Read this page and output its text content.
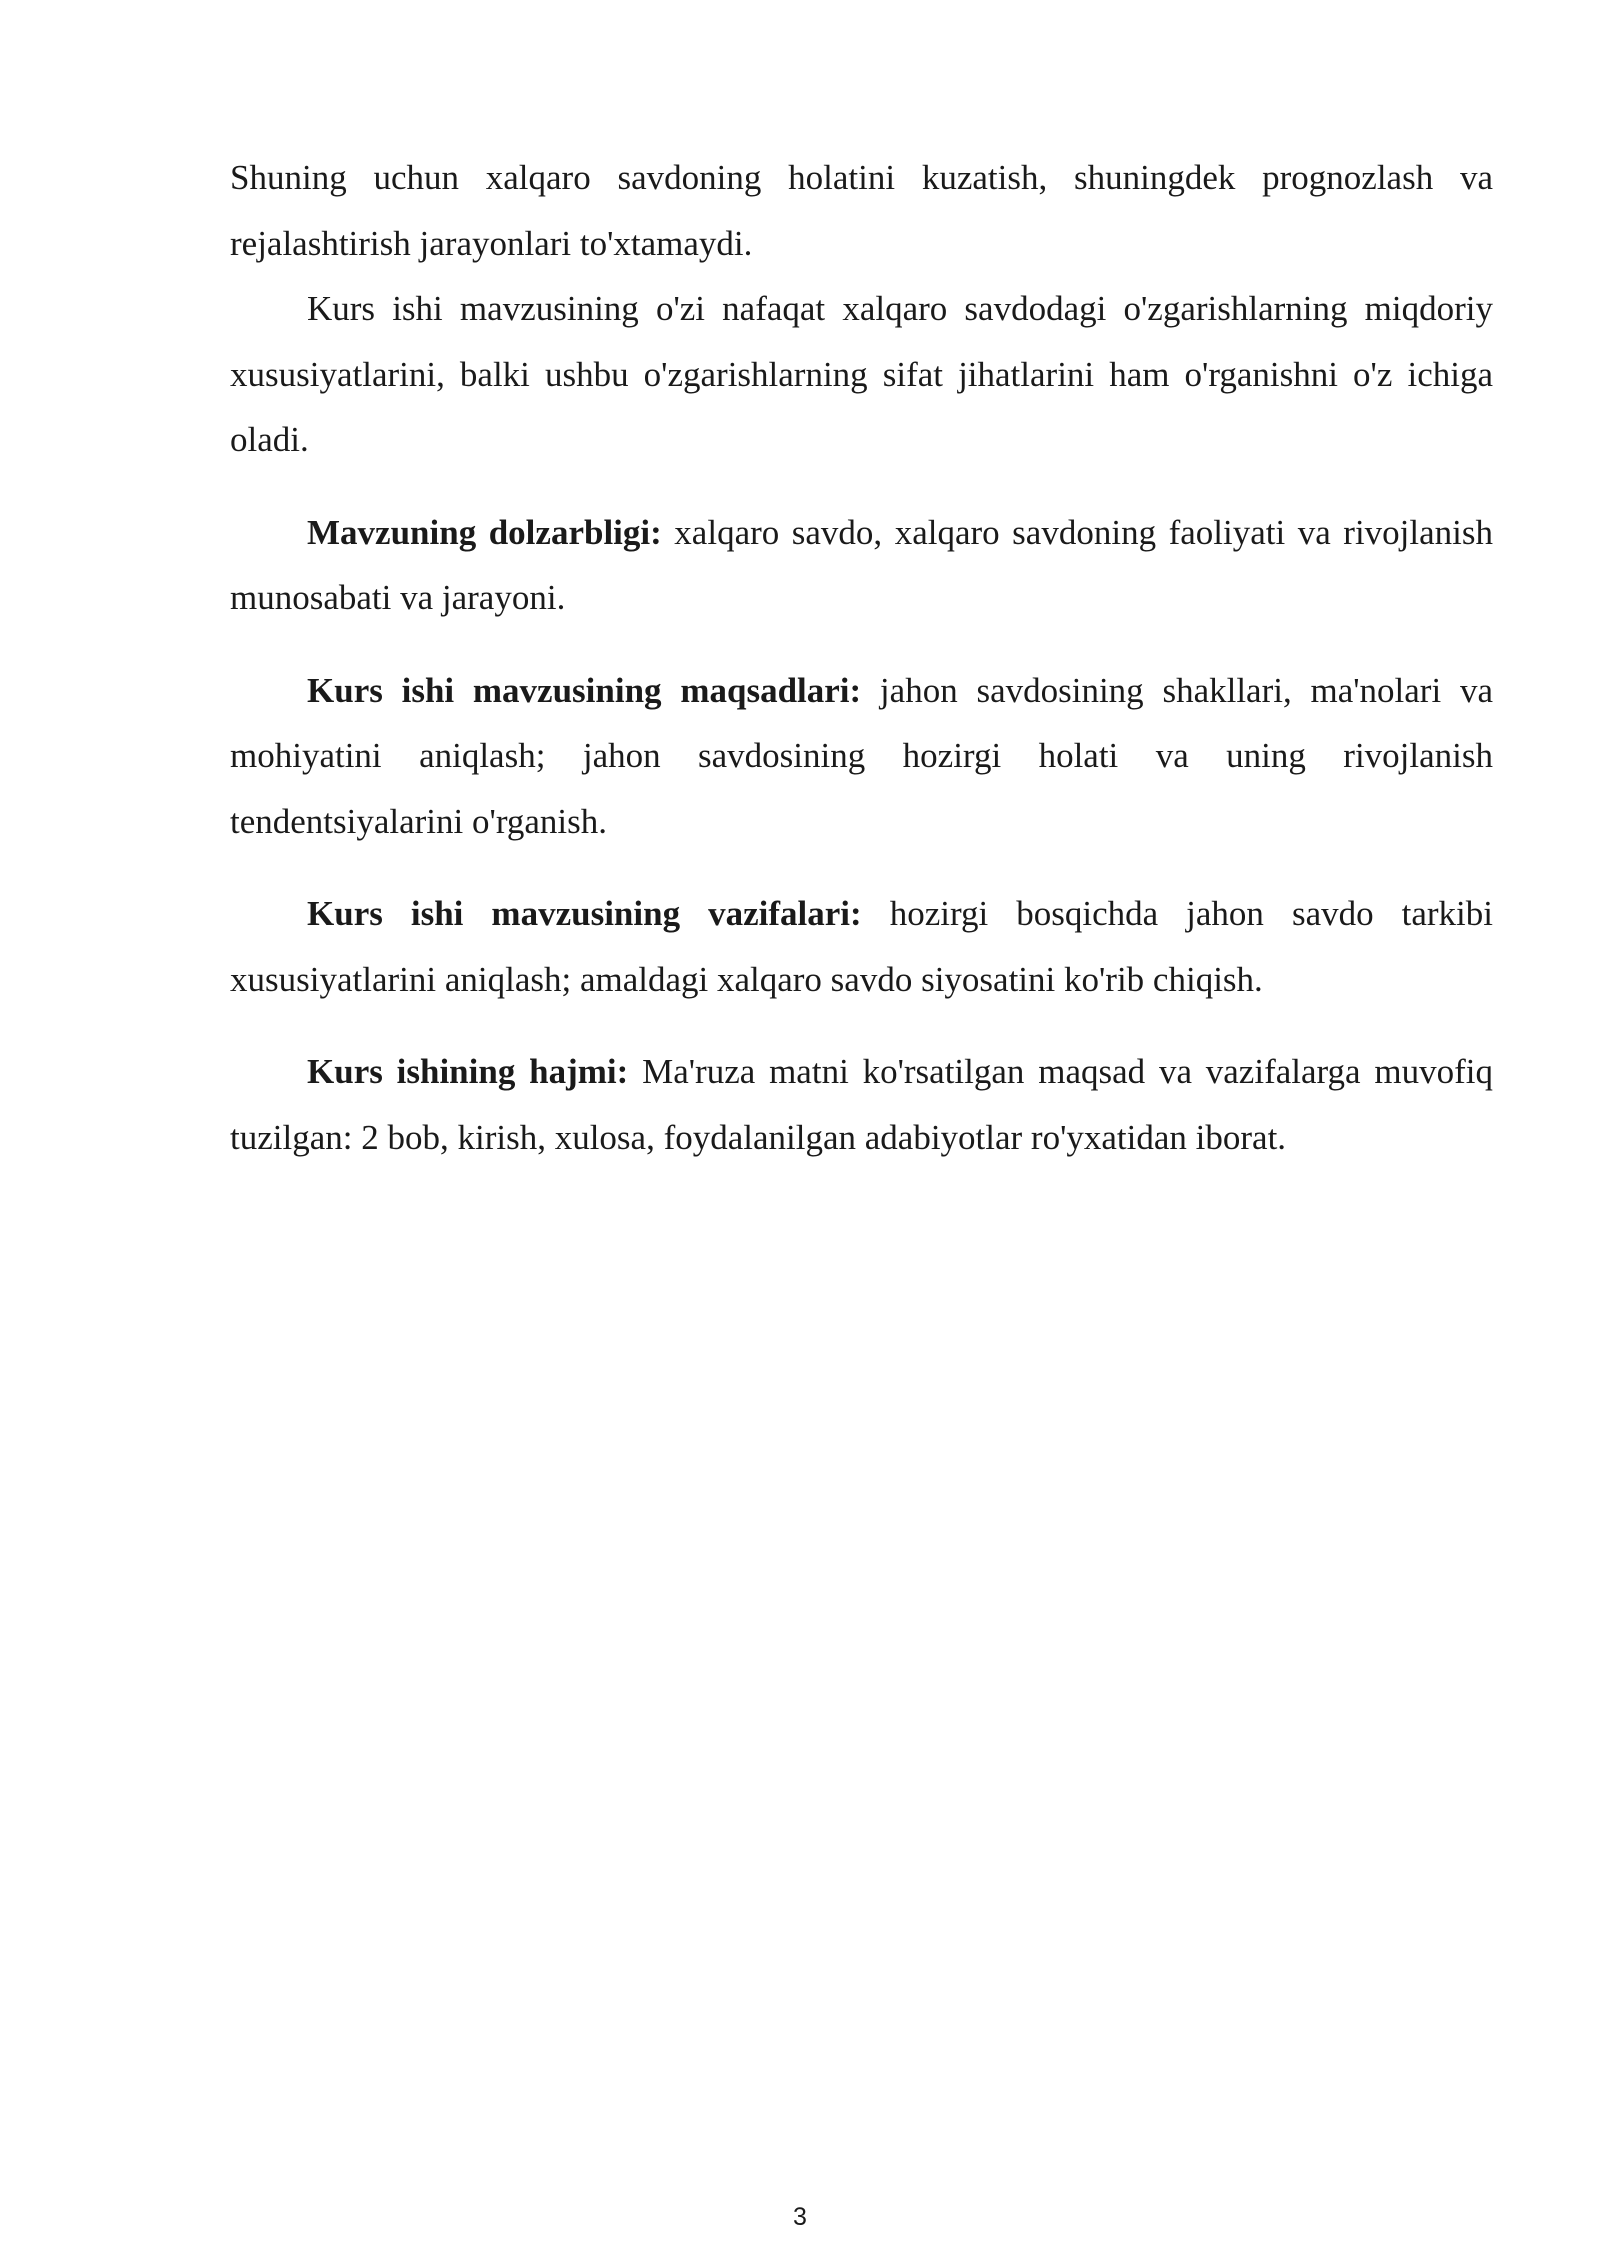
Shuning uchun xalqaro savdoning holatini kuzatish, shuningdek prognozlash va rejalashtirish jarayonlari to'xtamaydi.

Kurs ishi mavzusining o'zi nafaqat xalqaro savdodagi o'zgarishlarning miqdoriy xususiyatlarini, balki ushbu o'zgarishlarning sifat jihatlarini ham o'rganishni o'z ichiga oladi.

Mavzuning dolzarbligi: xalqaro savdo, xalqaro savdoning faoliyati va rivojlanish munosabati va jarayoni.

Kurs ishi mavzusining maqsadlari: jahon savdosining shakllari, ma'nolari va mohiyatini aniqlash; jahon savdosining hozirgi holati va uning rivojlanish tendentsiyalarini o'rganish.

Kurs ishi mavzusining vazifalari: hozirgi bosqichda jahon savdo tarkibi xususiyatlarini aniqlash; amaldagi xalqaro savdo siyosatini ko'rib chiqish.

Kurs ishining hajmi: Ma'ruza matni ko'rsatilgan maqsad va vazifalarga muvofiq tuzilgan: 2 bob, kirish, xulosa, foydalanilgan adabiyotlar ro'yxatidan iborat.

3
